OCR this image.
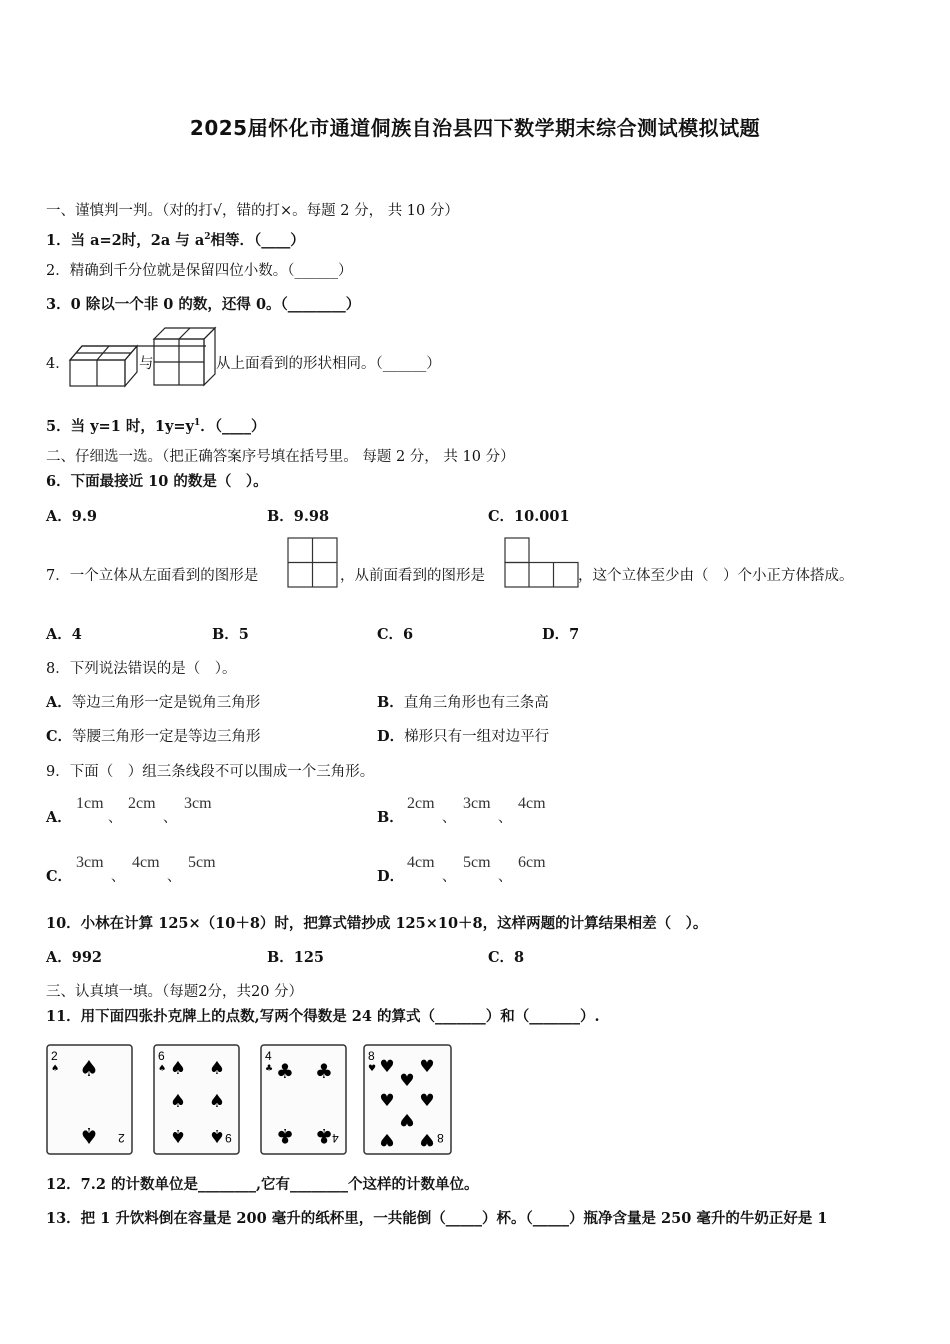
2025届怀化市通道侗族自治县四下数学期末综合测试模拟试题
一、谨慎判一判。（对的打√，错的打×。每题 2 分， 共 10 分）
1．当 a=2时，2a 与 $a^2$相等．（____）
2．精确到千分位就是保留四位小数。（______）
3．0 除以一个非 0 的数，还得 0。（________）
4．	与	从上面看到的形状相同。（______）
5．当 y=1 时，$1y=y^1$．（____）
二、仔细选一选。（把正确答案序号填在括号里。 每题 2 分， 共 10 分）
6．下面最接近 10 的数是（　）。
A．9.9	B．9.98	C．10.001
7．一个立体从左面看到的图形是	，从前面看到的图形是	，这个立体至少由（　）个小正方体搭成。
A．4	B．5	C．6	D．7
8．下列说法错误的是（　）。
A．等边三角形一定是锐角三角形	B．直角三角形也有三条高
C．等腰三角形一定是等边三角形	D．梯形只有一组对边平行
9．下面（　）组三条线段不可以围成一个三角形。
A．
1cm
、
2cm
、
3cm
B．
2cm
、
3cm
、
4cm
C．
3cm
、
4cm
、
5cm
D．
4cm
、
5cm
、
6cm
10．小林在计算 125×（10＋8）时，把算式错抄成 125×10＋8，这样两题的计算结果相差（　）。
A．992	B．125	C．8
三、认真填一填。（每题2分，共20 分）
11．用下面四张扑克牌上的点数,写两个得数是 24 的算式（_______）和（_______）.
2
♠ ♠
♠ 2
6
♠ ♠ ♠
♠ ♠
♠ ♠ 9
4
♣ ♣ ♣
♣ ♣ 4
8
♥ ♥ ♥
♥
♥ ♥
♥
♥ ♥ 8
12．7.2 的计数单位是________,它有________个这样的计数单位。
13．把 1 升饮料倒在容量是 200 毫升的纸杯里，一共能倒（_____）杯。（_____）瓶净含量是 250 毫升的牛奶正好是 1
